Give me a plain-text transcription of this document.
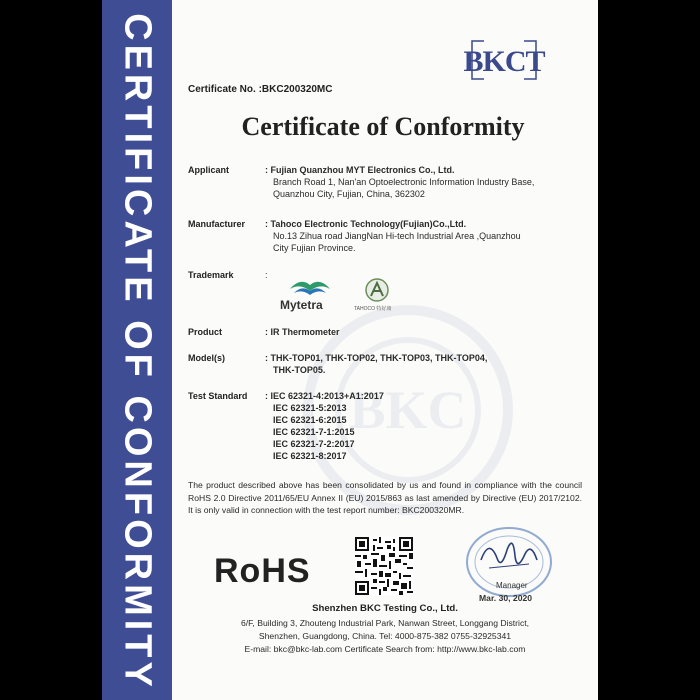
CERTIFICATE OF CONFORMITY	BKC
BKCT
Certificate No. :BKC200320MC
Certificate of Conformity
Applicant	: Fujian Quanzhou MYT Electronics Co., Ltd.
Branch Road 1, Nan'an Optoelectronic Information Industry Base,
Quanzhou City, Fujian, China, 362302
Manufacturer : Tahoco Electronic Technology(Fujian)Co.,Ltd.
No.13 Zihua road JiangNan Hi-tech Industrial Area ,Quanzhou
City Fujian Province.
Trademark	:
Mytetra	TAHOCO 特好康
Product	: IR Thermometer
Model(s)	: THK-TOP01, THK-TOP02, THK-TOP03, THK-TOP04,
THK-TOP05.
Test Standard : IEC 62321-4:2013+A1:2017
IEC 62321-5:2013
IEC 62321-6:2015
IEC 62321-7-1:2015
IEC 62321-7-2:2017
IEC 62321-8:2017
The product described above has been consolidated by us and found in compliance with the council RoHS 2.0 Directive 2011/65/EU Annex II (EU) 2015/863 as last amended by Directive (EU) 2017/2102. It is only valid in connection with the test report number: BKC200320MR.
RoHS	Manager
Mar. 30, 2020
Shenzhen BKC Testing Co., Ltd.
6/F, Building 3, Zhouteng Industrial Park, Nanwan Street, Longgang District,
Shenzhen, Guangdong, China. Tel: 4000-875-382 0755-32925341
E-mail: bkc@bkc-lab.com Certificate Search from: http://www.bkc-lab.com
